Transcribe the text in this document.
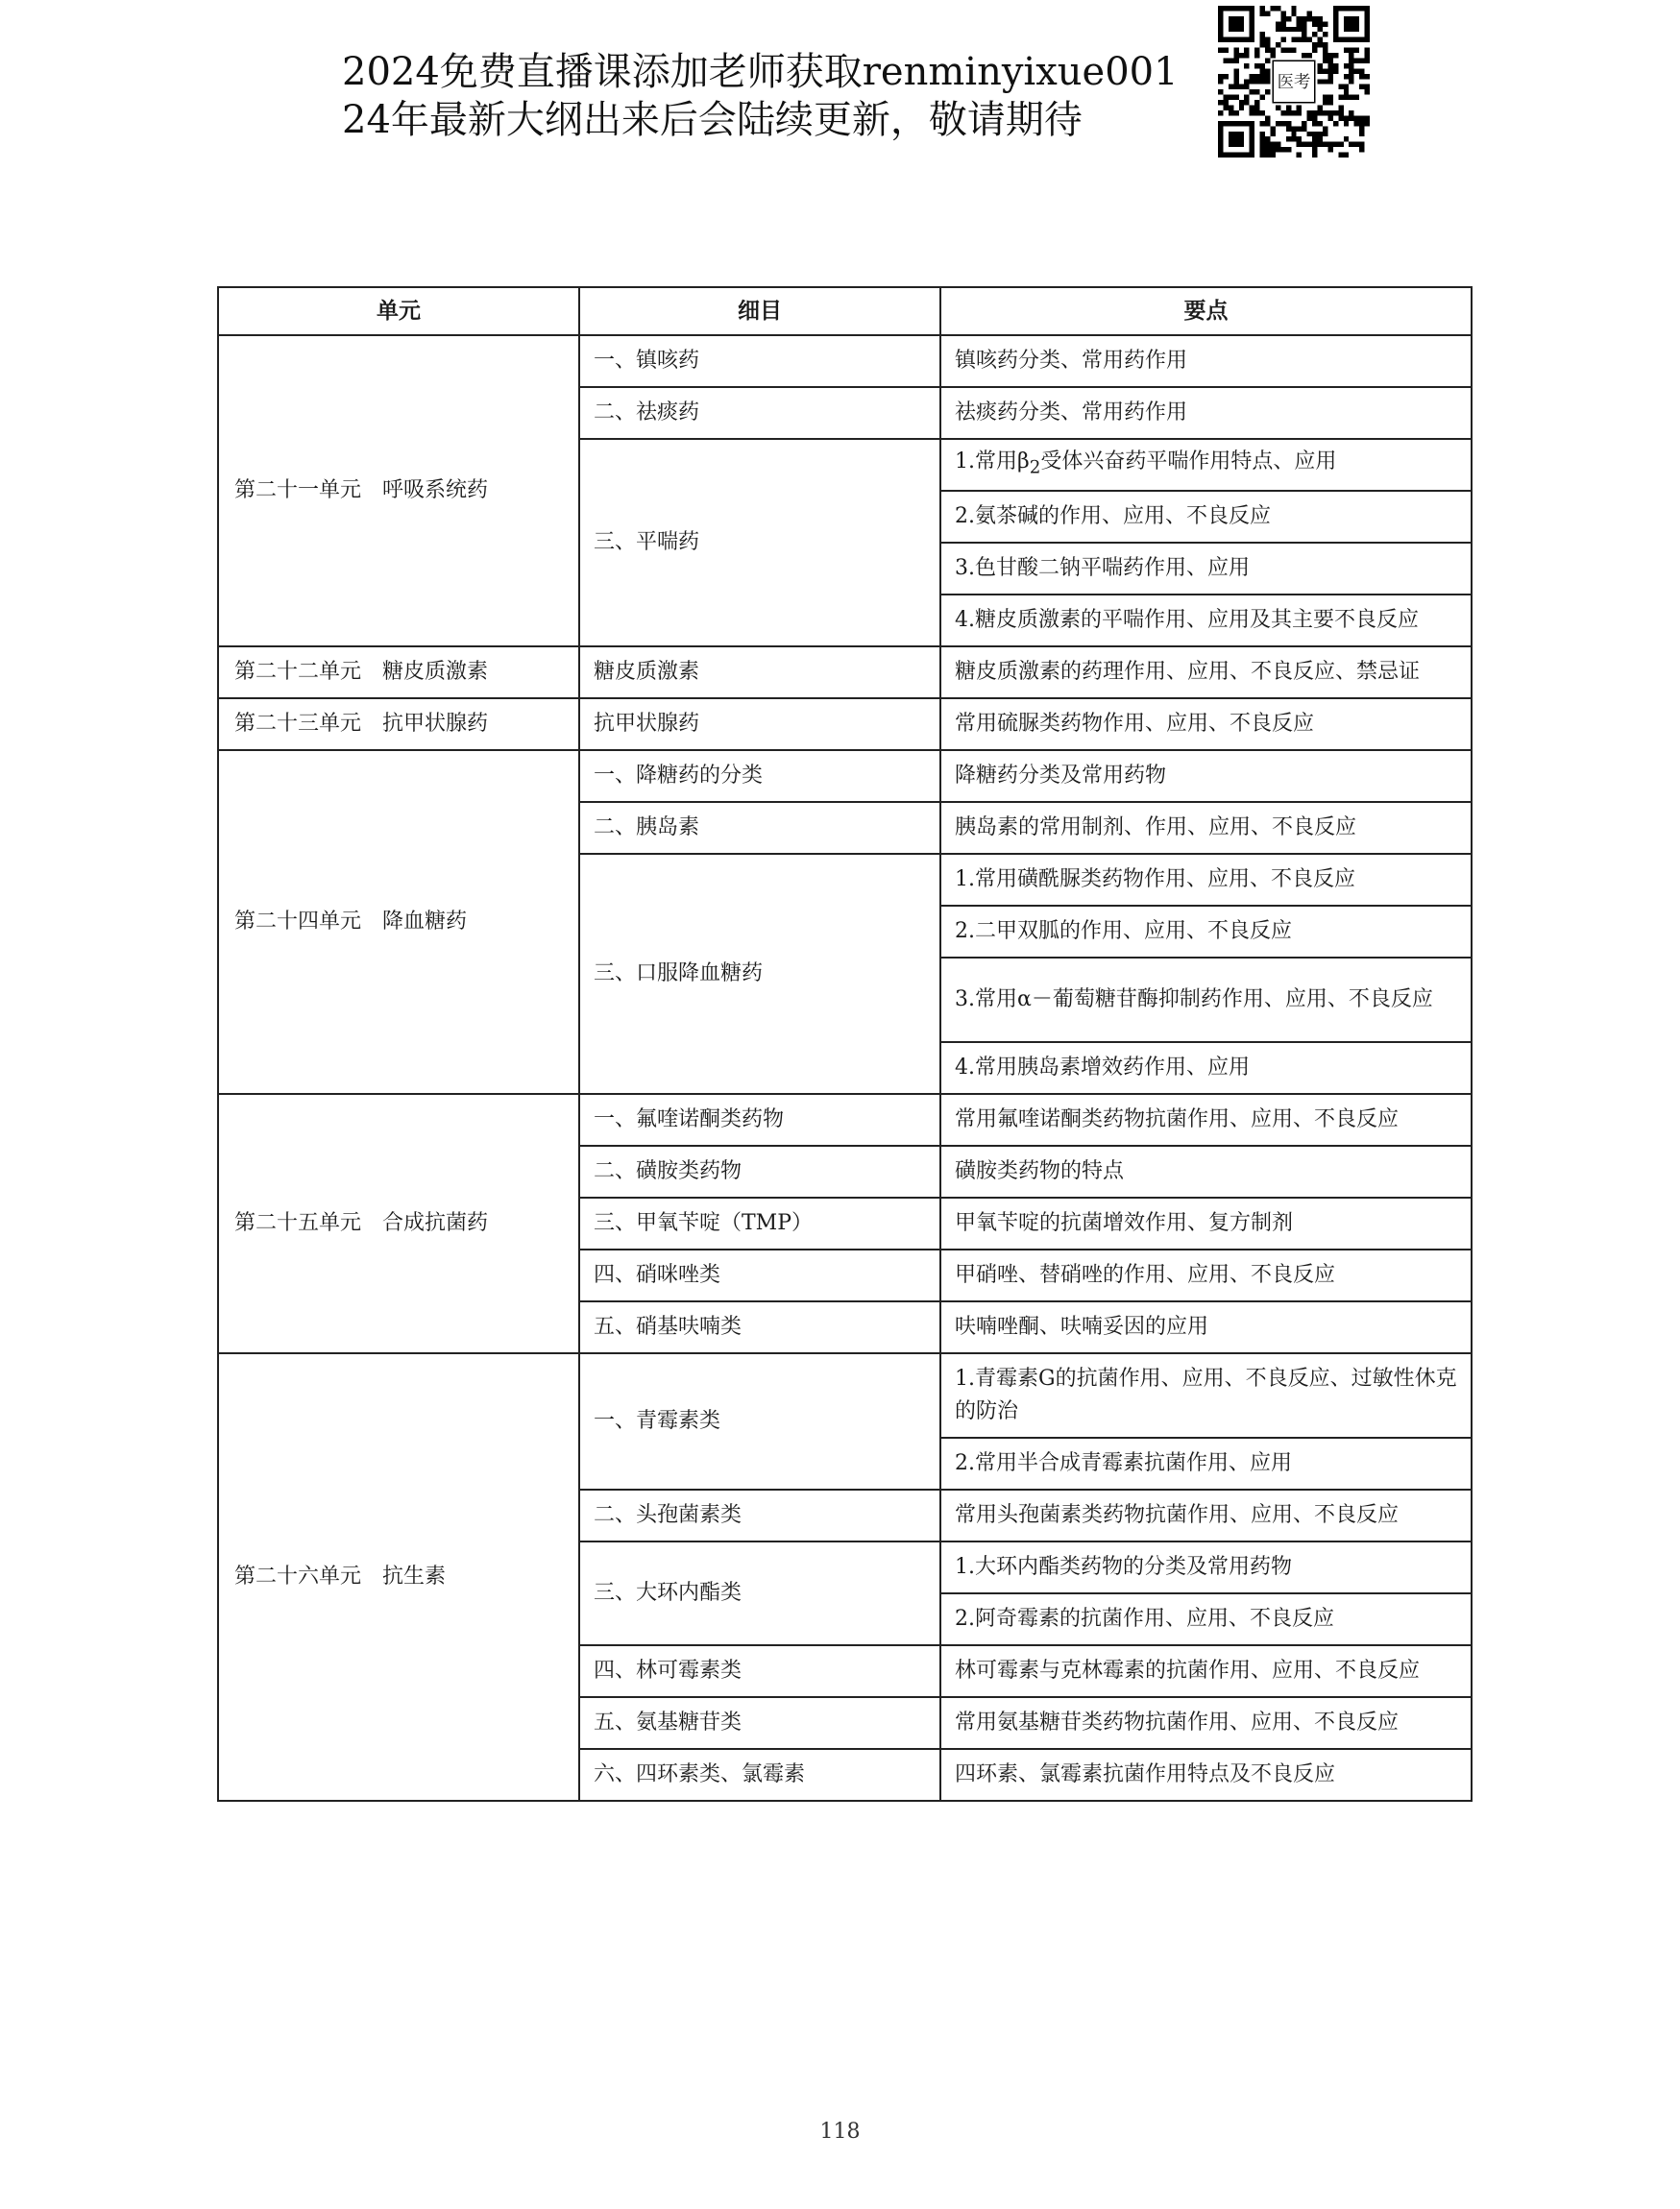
2024免费直播课添加老师获取renminyixue001
24年最新大纲出来后会陆续更新，敬请期待
医考
单元	细目	要点
第二十一单元　呼吸系统药	一、镇咳药	镇咳药分类、常用药作用
	二、祛痰药	祛痰药分类、常用药作用
	三、平喘药	1.常用$\beta_2$受体兴奋药平喘作用特点、应用
		2.氨茶碱的作用、应用、不良反应
		3.色甘酸二钠平喘药作用、应用
		4.糖皮质激素的平喘作用、应用及其主要不良反应
第二十二单元　糖皮质激素	糖皮质激素	糖皮质激素的药理作用、应用、不良反应、禁忌证
第二十三单元　抗甲状腺药	抗甲状腺药	常用硫脲类药物作用、应用、不良反应
第二十四单元　降血糖药	一、降糖药的分类	降糖药分类及常用药物
	二、胰岛素	胰岛素的常用制剂、作用、应用、不良反应
	三、口服降血糖药	1.常用磺酰脲类药物作用、应用、不良反应
		2.二甲双胍的作用、应用、不良反应
		3.常用α－葡萄糖苷酶抑制药作用、应用、不良反应
		4.常用胰岛素增效药作用、应用
第二十五单元　合成抗菌药	一、氟喹诺酮类药物	常用氟喹诺酮类药物抗菌作用、应用、不良反应
	二、磺胺类药物	磺胺类药物的特点
	三、甲氧苄啶（TMP）	甲氧苄啶的抗菌增效作用、复方制剂
	四、硝咪唑类	甲硝唑、替硝唑的作用、应用、不良反应
	五、硝基呋喃类	呋喃唑酮、呋喃妥因的应用
第二十六单元　抗生素	一、青霉素类	1.青霉素G的抗菌作用、应用、不良反应、过敏性休克的防治
		2.常用半合成青霉素抗菌作用、应用
	二、头孢菌素类	常用头孢菌素类药物抗菌作用、应用、不良反应
	三、大环内酯类	1.大环内酯类药物的分类及常用药物
		2.阿奇霉素的抗菌作用、应用、不良反应
	四、林可霉素类	林可霉素与克林霉素的抗菌作用、应用、不良反应
	五、氨基糖苷类	常用氨基糖苷类药物抗菌作用、应用、不良反应
	六、四环素类、氯霉素	四环素、氯霉素抗菌作用特点及不良反应
118
